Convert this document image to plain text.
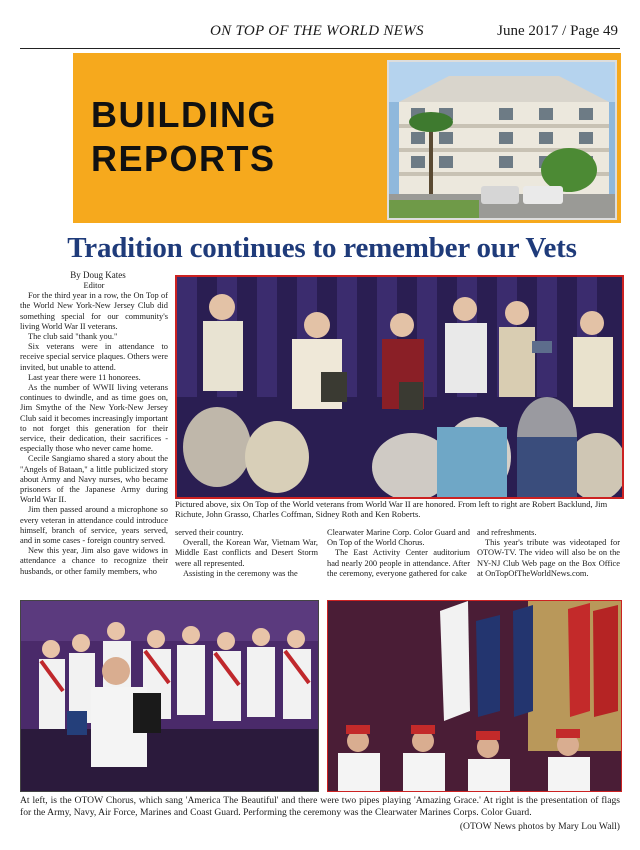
ON TOP OF THE WORLD NEWS	June 2017 / Page 49
BUILDING
REPORTS
Tradition continues to remember our Vets

By Doug Kates

Editor

For the third year in a row, the On Top of the World New York-New Jersey Club did something special for our community's living World War II veterans.

The club said "thank you."

Six veterans were in attendance to receive special service plaques. Others were invited, but unable to attend.

Last year there were 11 honorees.

As the number of WWII living veterans continues to dwindle, and as time goes on, Jim Smythe of the New York-New Jersey Club said it becomes increasingly important to not forget this generation for their service, their dedication, their sacrifices - especially those who never came home.

Cecile Sangiamo shared a story about the "Angels of Bataan," a little publicized story about Army and Navy nurses, who became prisoners of the Japanese Army during World War II.

Jim then passed around a microphone so every veteran in attendance could introduce himself, branch of service, years served, and in some cases - foreign country served.

New this year, Jim also gave widows in attendance a chance to recognize their husbands, or other family members, who

Pictured above, six On Top of the World veterans from World War II are honored. From left to right are Robert Backlund, Jim Richute, John Grasso, Charles Coffman, Sidney Roth and Ken Roberts.

served their country.

Overall, the Korean War, Vietnam War, Middle East conflicts and Desert Storm were all represented.

Assisting in the ceremony was the

Clearwater Marine Corp. Color Guard and On Top of the World Chorus.

The East Activity Center auditorium had nearly 200 people in attendance. After the ceremony, everyone gathered for cake

and refreshments.

This year's tribute was videotaped for OTOW-TV. The video will also be on the NY-NJ Club Web page on the Box Office at OnTopOfTheWorldNews.com.

At left, is the OTOW Chorus, which sang 'America The Beautiful' and there were two pipes playing 'Amazing Grace.' At right is the presentation of flags for the Army, Navy, Air Force, Marines and Coast Guard. Performing the ceremony was the Clearwater Marines Corps. Color Guard.
(OTOW News photos by Mary Lou Wall)
